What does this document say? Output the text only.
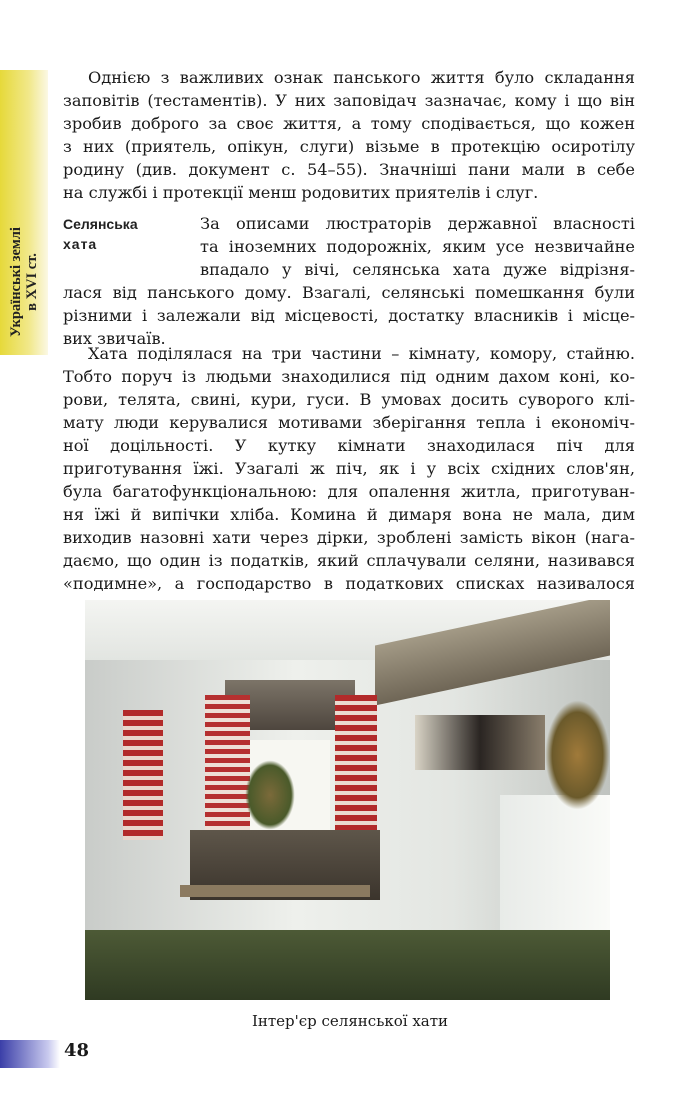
Українські землі
в XVI ст.
Однією з важливих ознак панського життя було складання
заповітів (тестаментів). У них заповідач зазначає, кому і що він
зробив доброго за своє життя, а тому сподівається, що кожен
з них (приятель, опікун, слуги) візьме в протекцію осиротілу
родину (див. документ с. 54–55). Значніші пани мали в себе
на службі і протекції менш родовитих приятелів і слуг.
Селянська
хата
За описами люстраторів державної власності
та іноземних подорожніх, яким усе незвичайне
впадало у вічі, селянська хата дуже відрізня-
лася від панського дому. Взагалі, селянські помешкання були
різними і залежали від місцевості, достатку власників і місце-
вих звичаїв.
Хата поділялася на три частини – кімнату, комору, стайню.
Тобто поруч із людьми знаходилися під одним дахом коні, ко-
рови, телята, свині, кури, гуси. В умовах досить суворого клі-
мату люди керувалися мотивами зберігання тепла і економіч-
ної доцільності. У кутку кімнати знаходилася піч для
приготування їжі. Узагалі ж піч, як і у всіх східних слов'ян,
була багатофункціональною: для опалення житла, приготуван-
ня їжі й випічки хліба. Комина й димаря вона не мала, дим
виходив назовні хати через дірки, зроблені замість вікон (нага-
даємо, що один із податків, який сплачували селяни, називався
«подимне», а господарство в податкових списках називалося
Інтер'єр селянської хати
48
